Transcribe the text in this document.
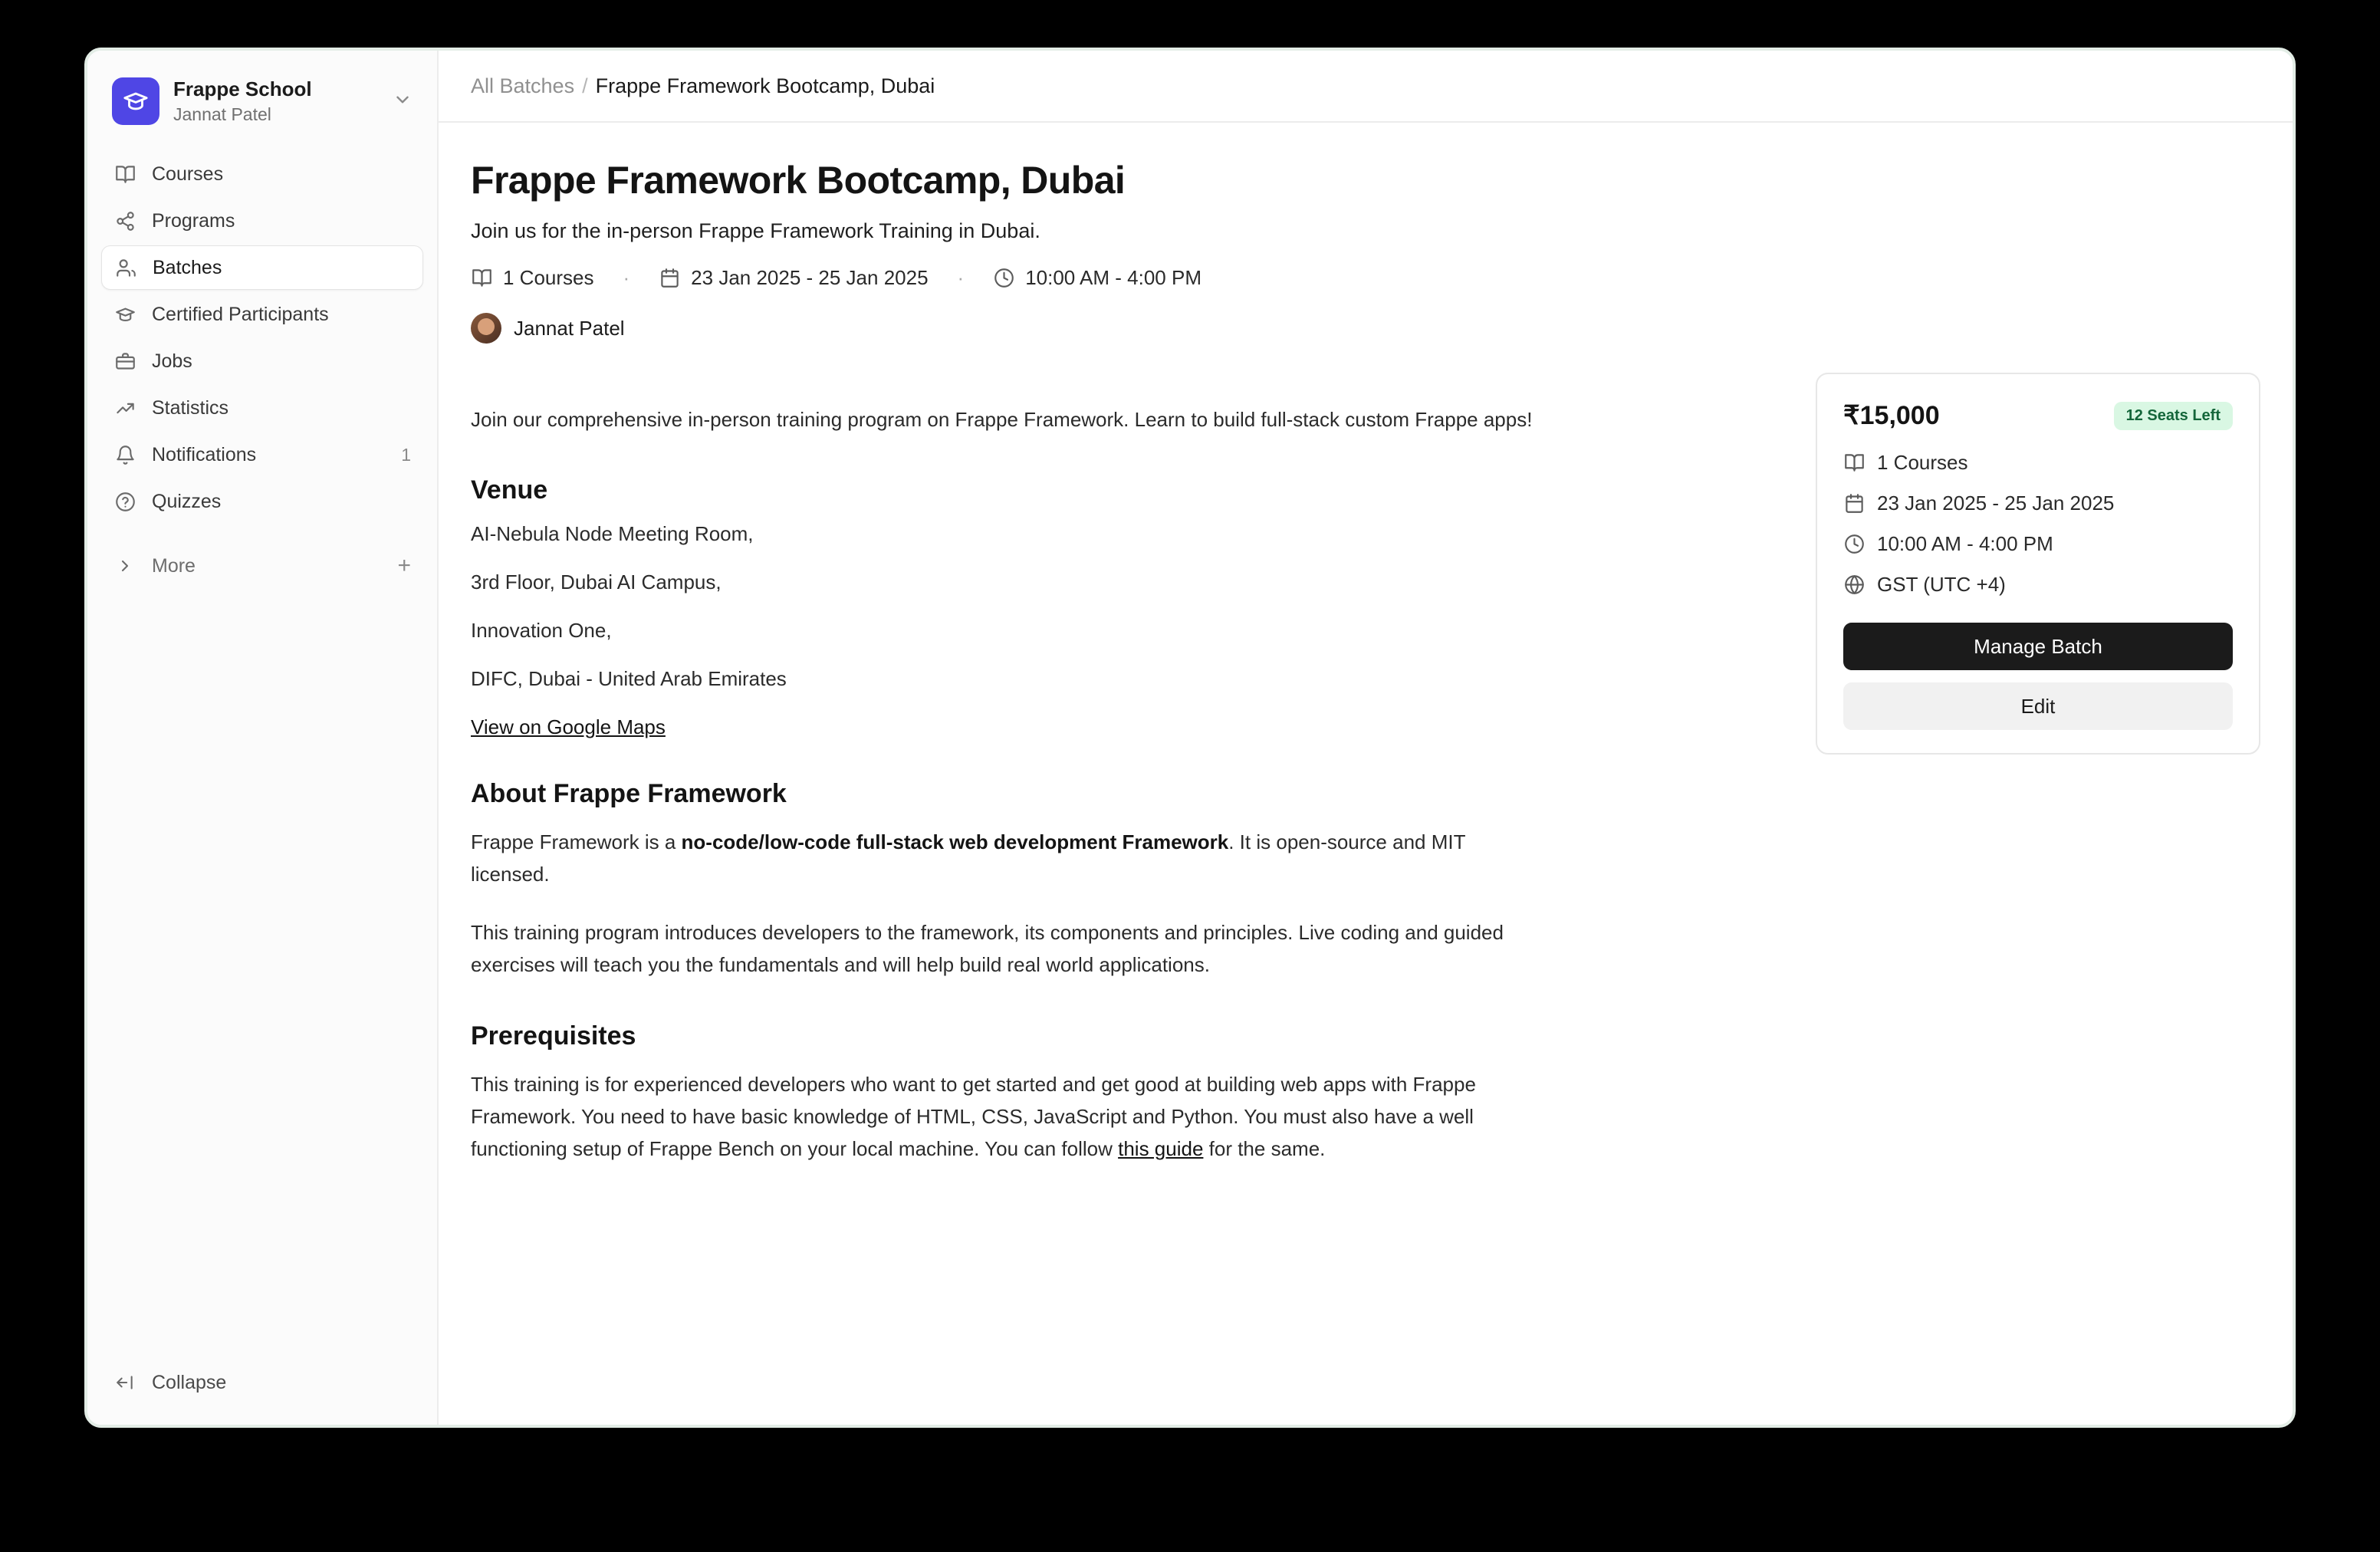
Frappe School
Jannat Patel
Courses
Programs
Batches
Certified Participants
Jobs
Statistics
Notifications	1
Quizzes
More	+
Collapse
All Batches / Frappe Framework Bootcamp, Dubai
Frappe Framework Bootcamp, Dubai
Join us for the in-person Frappe Framework Training in Dubai.
1 Courses	·	23 Jan 2025 - 25 Jan 2025	·	10:00 AM - 4:00 PM
Jannat Patel

Join our comprehensive in-person training program on Frappe Framework. Learn to build full-stack custom Frappe apps!

Venue
AI-Nebula Node Meeting Room,
3rd Floor, Dubai AI Campus,
Innovation One,
DIFC, Dubai - United Arab Emirates
View on Google Maps
About Frappe Framework

Frappe Framework is a no-code/low-code full-stack web development Framework. It is open-source and MIT licensed.

This training program introduces developers to the framework, its components and principles. Live coding and guided exercises will teach you the fundamentals and will help build real world applications.

Prerequisites

This training is for experienced developers who want to get started and get good at building web apps with Frappe Framework. You need to have basic knowledge of HTML, CSS, JavaScript and Python. You must also have a well functioning setup of Frappe Bench on your local machine. You can follow this guide for the same.

₹15,000	12 Seats Left
1 Courses
23 Jan 2025 - 25 Jan 2025
10:00 AM - 4:00 PM
GST (UTC +4)
Manage Batch Edit
